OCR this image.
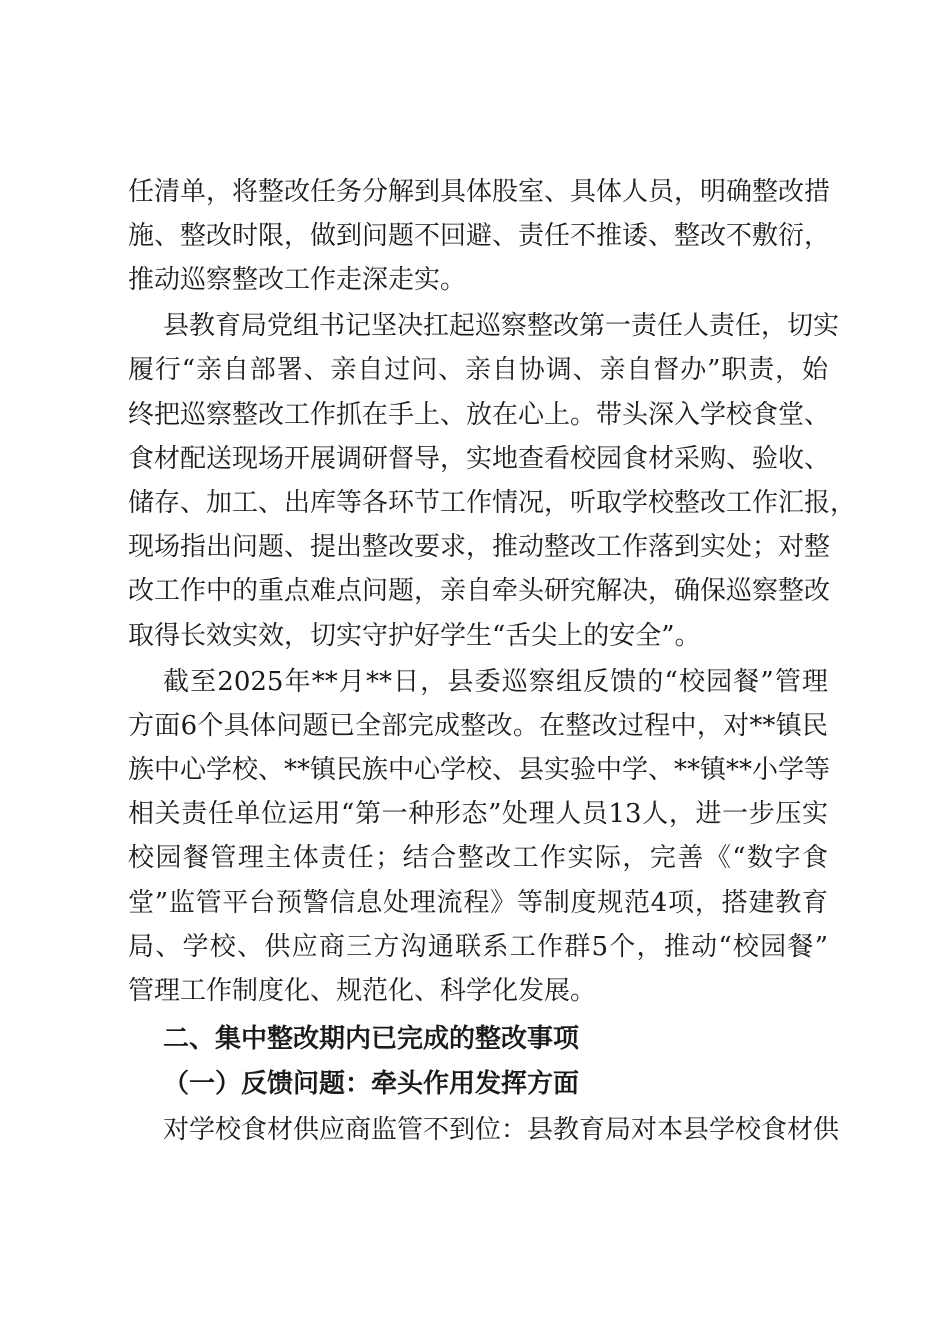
任清单，将整改任务分解到具体股室、具体人员，明确整改措
施、整改时限，做到问题不回避、责任不推诿、整改不敷衍，
推动巡察整改工作走深走实。
县教育局党组书记坚决扛起巡察整改第一责任人责任，切实
履行“亲自部署、亲自过问、亲自协调、亲自督办”职责，始
终把巡察整改工作抓在手上、放在心上。带头深入学校食堂、
食材配送现场开展调研督导，实地查看校园食材采购、验收、
储存、加工、出库等各环节工作情况，听取学校整改工作汇报，
现场指出问题、提出整改要求，推动整改工作落到实处；对整
改工作中的重点难点问题，亲自牵头研究解决，确保巡察整改
取得长效实效，切实守护好学生“舌尖上的安全”。
截至2025年**月**日，县委巡察组反馈的“校园餐”管理
方面6个具体问题已全部完成整改。在整改过程中，对**镇民
族中心学校、**镇民族中心学校、县实验中学、**镇**小学等
相关责任单位运用“第一种形态”处理人员13人，进一步压实
校园餐管理主体责任；结合整改工作实际，完善《“数字食
堂”监管平台预警信息处理流程》等制度规范4项，搭建教育
局、学校、供应商三方沟通联系工作群5个，推动“校园餐”
管理工作制度化、规范化、科学化发展。
二、集中整改期内已完成的整改事项
（一）反馈问题：牵头作用发挥方面
对学校食材供应商监管不到位：县教育局对本县学校食材供
